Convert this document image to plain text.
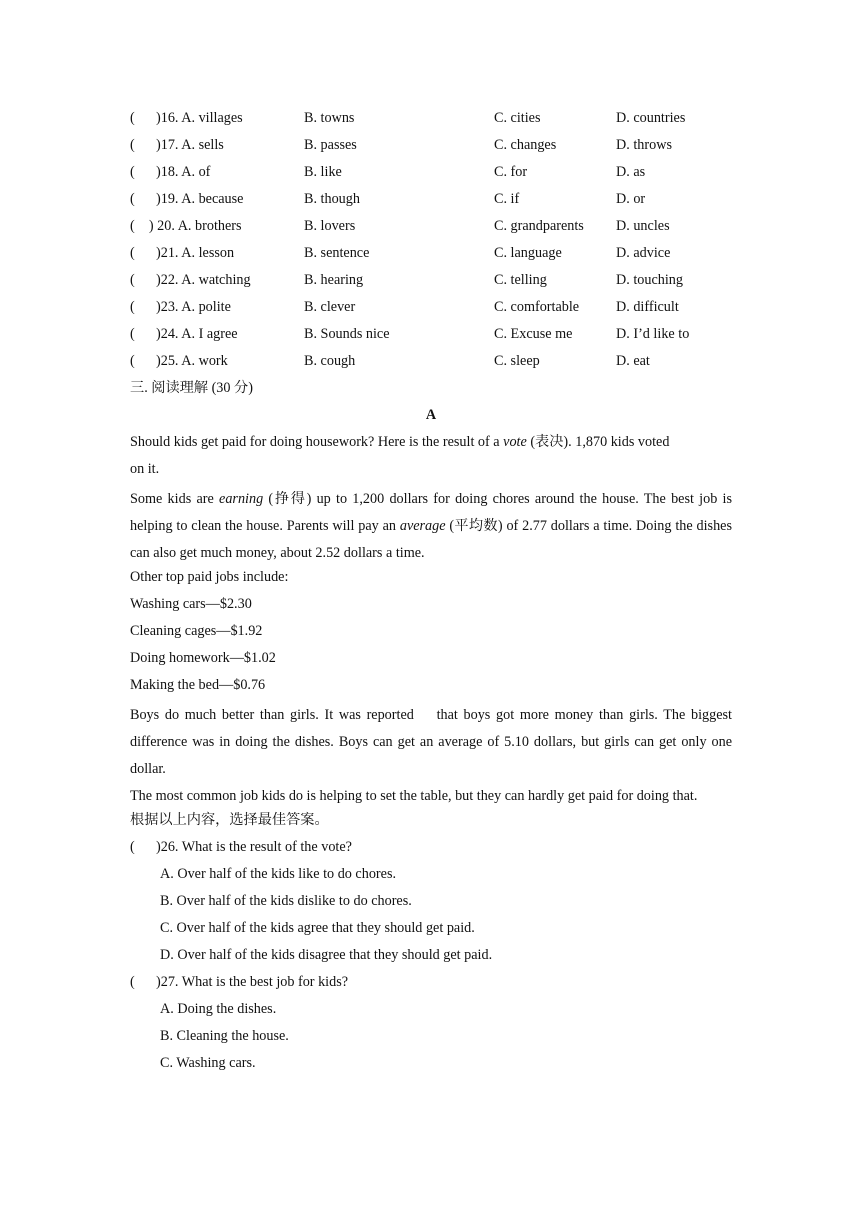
(      )16. A. villages	B. towns	C. cities	D. countries
(      )17. A. sells	B. passes	C. changes	D. throws
(      )18. A. of	B. like	C. for	D. as
(      )19. A. because	B. though	C. if	D. or
(    ) 20. A. brothers	B. lovers	C. grandparents D. uncles
(      )21. A. lesson	B. sentence	C. language	D. advice
(      )22. A. watching	B. hearing	C. telling	D. touching
(      )23. A. polite	B. clever	C. comfortable	D. difficult
(      )24. A. I agree	B. Sounds nice	C. Excuse me	D. I’d like to
(      )25. A. work	B. cough	C. sleep	D. eat
三. 阅读理解 (30 分)
A
Should kids get paid for doing housework? Here is the result of a vote (表决). 1,870 kids voted
on it.
Some kids are earning (挣得) up to 1,200 dollars for doing chores around the house. The best job is helping to clean the house. Parents will pay an average (平均数) of 2.77 dollars a time. Doing the dishes can also get much money, about 2.52 dollars a time.
Other top paid jobs include:
Washing cars—$2.30
Cleaning cages—$1.92
Doing homework—$1.02
Making the bed—$0.76
Boys do much better than girls. It was reported    that boys got more money than girls. The biggest difference was in doing the dishes. Boys can get an average of 5.10 dollars, but girls can get only one dollar.
The most common job kids do is helping to set the table, but they can hardly get paid for doing that.
根据以上内容，选择最佳答案。
(      )26. What is the result of the vote?
A. Over half of the kids like to do chores.
B. Over half of the kids dislike to do chores.
C. Over half of the kids agree that they should get paid.
D. Over half of the kids disagree that they should get paid.
(      )27. What is the best job for kids?
A. Doing the dishes.
B. Cleaning the house.
C. Washing cars.
